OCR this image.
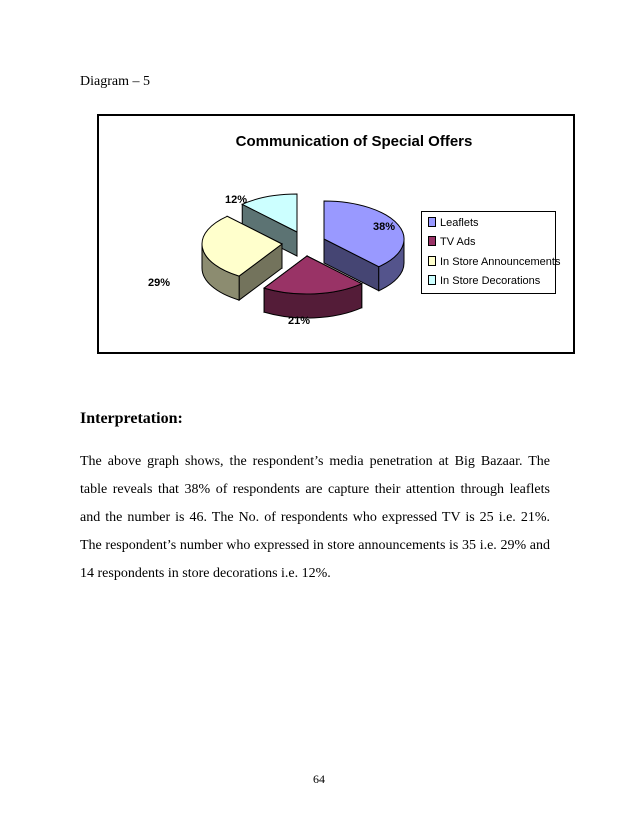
Diagram – 5
Communication of Special Offers
38%
21%
29%
12%
Leaflets
TV Ads
In Store Announcements
In Store Decorations
Interpretation:
The above graph shows, the respondent’s media penetration at Big Bazaar. The table reveals that 38% of respondents are capture their attention through leaflets and the number is 46. The No. of respondents who expressed TV is 25 i.e. 21%. The respondent’s number who expressed in store announcements is 35 i.e. 29% and 14 respondents in store decorations i.e. 12%.
64
